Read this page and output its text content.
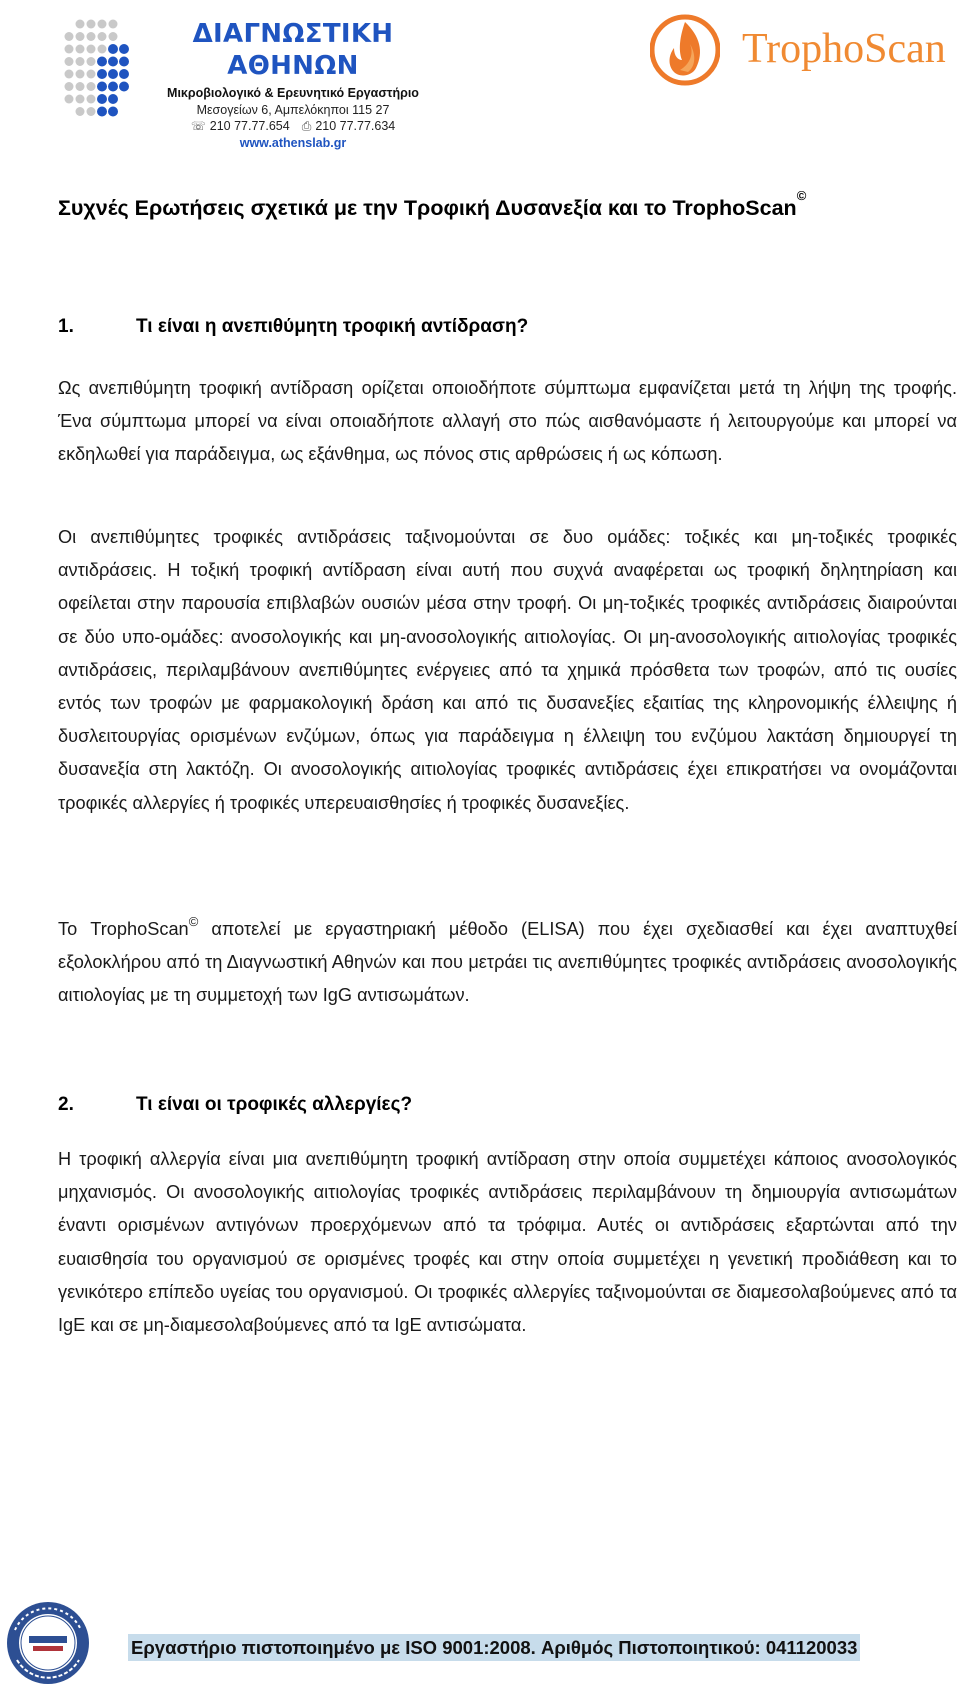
ΔΙΑΓΝΩΣΤΙΚΗ ΑΘΗΝΩΝ
Μικροβιολογικό & Ερευνητικό Εργαστήριο
Μεσογείων 6, Αμπελόκηποι 115 27
☏ 210 77.77.654 ⎙ 210 77.77.634
www.athenslab.gr
TrophoScan
Συχνές Ερωτήσεις σχετικά με την Τροφική Δυσανεξία και το TrophoScan©
1.	Τι είναι η ανεπιθύμητη τροφική αντίδραση?

Ως ανεπιθύμητη τροφική αντίδραση ορίζεται οποιοδήποτε σύμπτωμα εμφανίζεται μετά τη λήψη της τροφής. Ένα σύμπτωμα μπορεί να είναι οποιαδήποτε αλλαγή στο πώς αισθανόμαστε ή λειτουργούμε και μπορεί να εκδηλωθεί για παράδειγμα, ως εξάνθημα, ως πόνος στις αρθρώσεις ή ως κόπωση.

Οι ανεπιθύμητες τροφικές αντιδράσεις ταξινομούνται σε δυο ομάδες: τοξικές και μη-τοξικές τροφικές αντιδράσεις. Η τοξική τροφική αντίδραση είναι αυτή που συχνά αναφέρεται ως τροφική δηλητηρίαση και οφείλεται στην παρουσία επιβλαβών ουσιών μέσα στην τροφή. Οι μη-τοξικές τροφικές αντιδράσεις διαιρούνται σε δύο υπο-ομάδες: ανοσολογικής και μη-ανοσολογικής αιτιολογίας. Οι μη-ανοσολογικής αιτιολογίας τροφικές αντιδράσεις, περιλαμβάνουν ανεπιθύμητες ενέργειες από τα χημικά πρόσθετα των τροφών, από τις ουσίες εντός των τροφών με φαρμακολογική δράση και από τις δυσανεξίες εξαιτίας της κληρονομικής έλλειψης ή δυσλειτουργίας ορισμένων ενζύμων, όπως για παράδειγμα η έλλειψη του ενζύμου λακτάση δημιουργεί τη δυσανεξία στη λακτόζη. Οι ανοσολογικής αιτιολογίας τροφικές αντιδράσεις έχει επικρατήσει να ονομάζονται τροφικές αλλεργίες ή τροφικές υπερευαισθησίες ή τροφικές δυσανεξίες.

Το TrophoScan© αποτελεί με εργαστηριακή μέθοδο (ELISA) που έχει σχεδιασθεί και έχει αναπτυχθεί εξολοκλήρου από τη Διαγνωστική Αθηνών και που μετράει τις ανεπιθύμητες τροφικές αντιδράσεις ανοσολογικής αιτιολογίας με τη συμμετοχή των IgG αντισωμάτων.

2.	Τι είναι οι τροφικές αλλεργίες?

Η τροφική αλλεργία είναι μια ανεπιθύμητη τροφική αντίδραση στην οποία συμμετέχει κάποιος ανοσολογικός μηχανισμός. Οι ανοσολογικής αιτιολογίας τροφικές αντιδράσεις περιλαμβάνουν τη δημιουργία αντισωμάτων έναντι ορισμένων αντιγόνων προερχόμενων από τα τρόφιμα. Αυτές οι αντιδράσεις εξαρτώνται από την ευαισθησία του οργανισμού σε ορισμένες τροφές και στην οποία συμμετέχει η γενετική προδιάθεση και το γενικότερο επίπεδο υγείας του οργανισμού. Οι τροφικές αλλεργίες ταξινομούνται σε διαμεσολαβούμενες από τα IgE και σε μη-διαμεσολαβούμενες από τα IgE αντισώματα.

Εργαστήριο πιστοποιημένο με ISO 9001:2008. Αριθμός Πιστοποιητικού: 041120033
